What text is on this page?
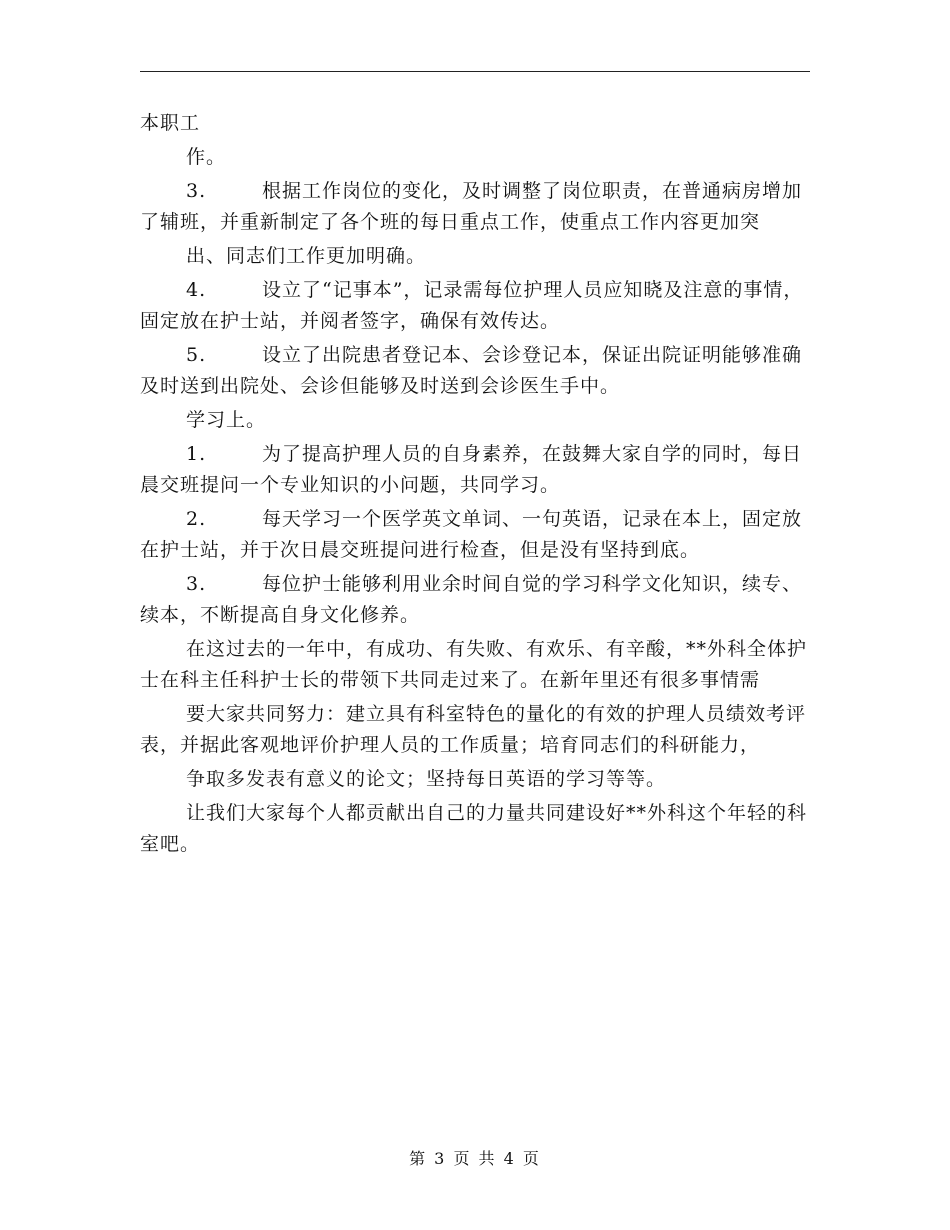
本职工

作。

3.	根据工作岗位的变化，及时调整了岗位职责，在普通病房增加了辅班，并重新制定了各个班的每日重点工作，使重点工作内容更加突

出、同志们工作更加明确。

4.	设立了“记事本”，记录需每位护理人员应知晓及注意的事情，固定放在护士站，并阅者签字，确保有效传达。

5.	设立了出院患者登记本、会诊登记本，保证出院证明能够准确及时送到出院处、会诊但能够及时送到会诊医生手中。

学习上。

1.	为了提高护理人员的自身素养，在鼓舞大家自学的同时，每日晨交班提问一个专业知识的小问题，共同学习。

2.	每天学习一个医学英文单词、一句英语，记录在本上，固定放在护士站，并于次日晨交班提问进行检查，但是没有坚持到底。

3.	每位护士能够利用业余时间自觉的学习科学文化知识，续专、续本，不断提高自身文化修养。

在这过去的一年中，有成功、有失败、有欢乐、有辛酸，**外科全体护士在科主任科护士长的带领下共同走过来了。在新年里还有很多事情需

要大家共同努力：建立具有科室特色的量化的有效的护理人员绩效考评表，并据此客观地评价护理人员的工作质量；培育同志们的科研能力，

争取多发表有意义的论文；坚持每日英语的学习等等。

让我们大家每个人都贡献出自己的力量共同建设好**外科这个年轻的科室吧。

第 3 页 共 4 页
